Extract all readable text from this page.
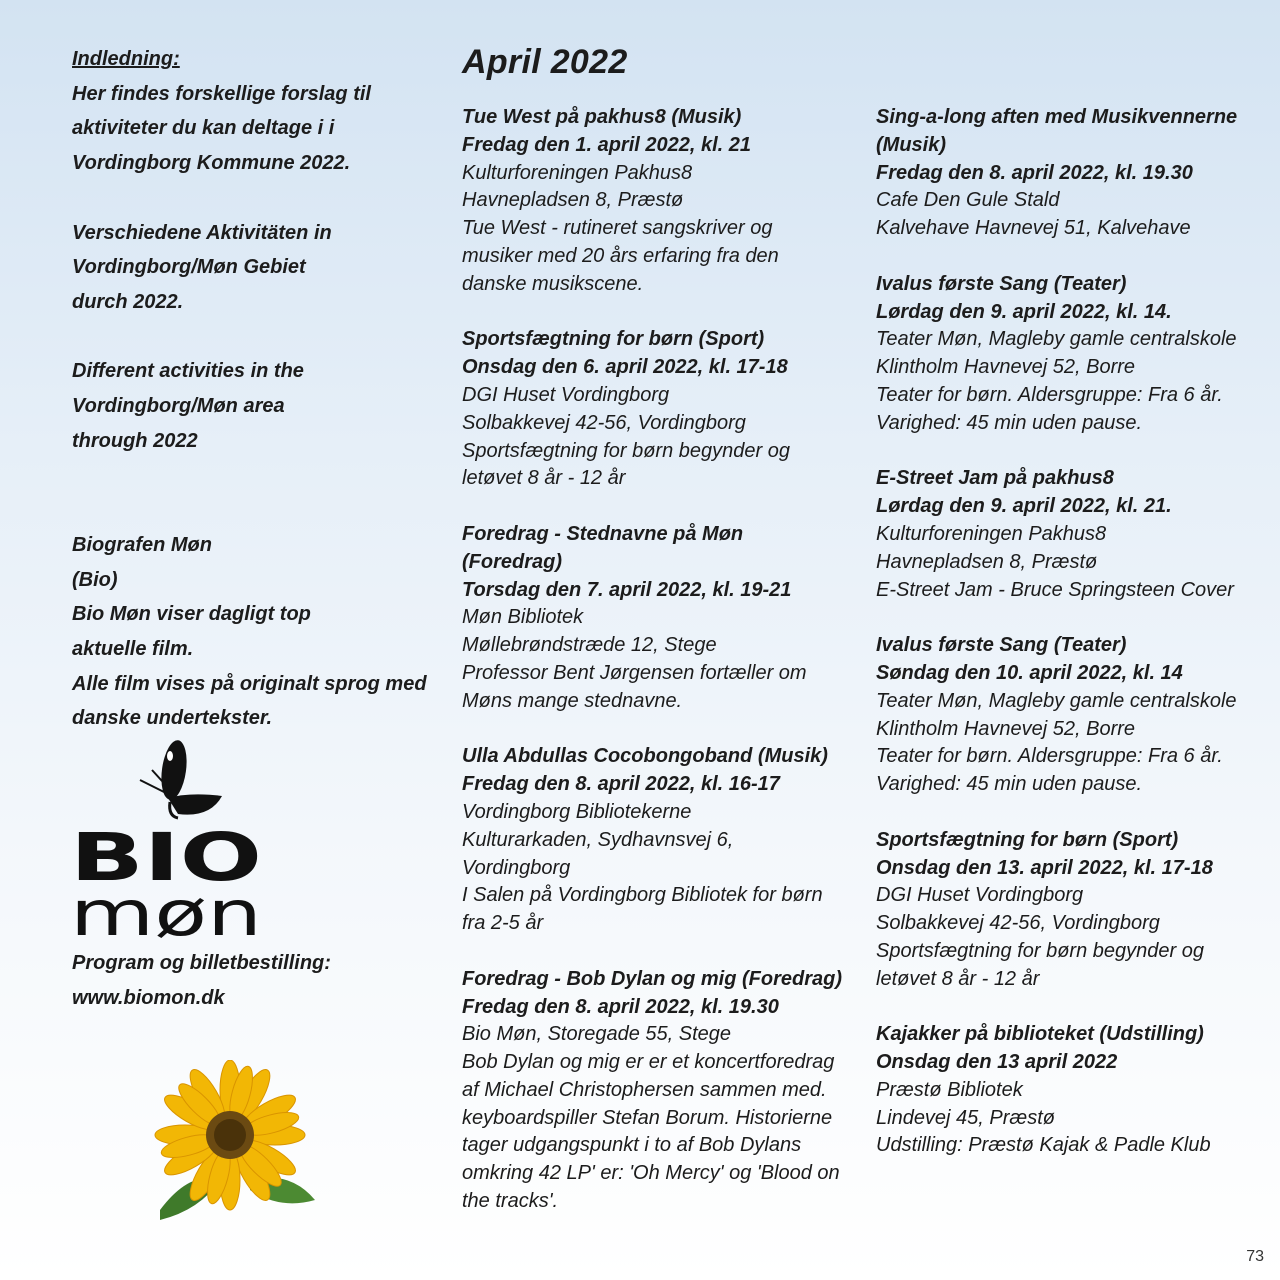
Indledning:
Her findes forskellige forslag til
aktiviteter du kan deltage i i
Vordingborg Kommune 2022.
Verschiedene Aktivitäten in
Vordingborg/Møn Gebiet
durch 2022.
Different activities in the
Vordingborg/Møn area
through 2022
Biografen Møn
(Bio)
Bio Møn viser dagligt top
aktuelle film.
Alle film vises på originalt sprog med
danske undertekster.
BIO
møn
Program og billetbestilling:
www.biomon.dk
April 2022
Tue West på pakhus8 (Musik)
Fredag den 1. april 2022, kl. 21
Kulturforeningen Pakhus8
Havnepladsen 8, Præstø
Tue West - rutineret sangskriver og
musiker med 20 års erfaring fra den
danske musikscene.
Sportsfægtning for børn (Sport)
Onsdag den 6. april 2022, kl. 17-18
DGI Huset Vordingborg
Solbakkevej 42-56, Vordingborg
Sportsfægtning for børn begynder og
letøvet 8 år - 12 år
Foredrag - Stednavne på Møn
(Foredrag)
Torsdag den 7. april 2022, kl. 19-21
Møn Bibliotek
Møllebrøndstræde 12, Stege
Professor Bent Jørgensen fortæller om
Møns mange stednavne.
Ulla Abdullas Cocobongoband (Musik)
Fredag den 8. april 2022, kl. 16-17
Vordingborg Bibliotekerne
Kulturarkaden, Sydhavnsvej 6,
Vordingborg
I Salen på Vordingborg Bibliotek for børn
fra 2-5 år
Foredrag - Bob Dylan og mig (Foredrag)
Fredag den 8. april 2022, kl. 19.30
Bio Møn, Storegade 55, Stege
Bob Dylan og mig er er et koncertforedrag
af Michael Christophersen sammen med.
keyboardspiller Stefan Borum. Historierne
tager udgangspunkt i to af Bob Dylans
omkring 42 LP' er: 'Oh Mercy' og 'Blood on
the tracks'.
Sing-a-long aften med Musikvennerne
(Musik)
Fredag den 8. april 2022, kl. 19.30
Cafe Den Gule Stald
Kalvehave Havnevej 51, Kalvehave
Ivalus første Sang (Teater)
Lørdag den 9. april 2022, kl. 14.
Teater Møn, Magleby gamle centralskole
Klintholm Havnevej 52, Borre
Teater for børn. Aldersgruppe: Fra 6 år.
Varighed: 45 min uden pause.
E-Street Jam på pakhus8
Lørdag den 9. april 2022, kl. 21.
Kulturforeningen Pakhus8
Havnepladsen 8, Præstø
E-Street Jam - Bruce Springsteen Cover
Ivalus første Sang (Teater)
Søndag den 10. april 2022, kl. 14
Teater Møn, Magleby gamle centralskole
Klintholm Havnevej 52, Borre
Teater for børn. Aldersgruppe: Fra 6 år.
Varighed: 45 min uden pause.
Sportsfægtning for børn (Sport)
Onsdag den 13. april 2022, kl. 17-18
DGI Huset Vordingborg
Solbakkevej 42-56, Vordingborg
Sportsfægtning for børn begynder og
letøvet 8 år - 12 år
Kajakker på biblioteket (Udstilling)
Onsdag den 13 april 2022
Præstø Bibliotek
Lindevej 45, Præstø
Udstilling: Præstø Kajak & Padle Klub
73
